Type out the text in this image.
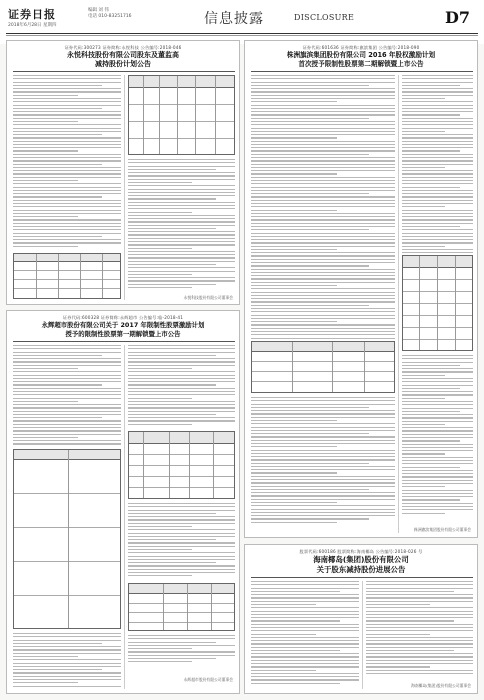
证券日报
2018年6月28日 星期四
编辑 刘 伟
电话 010-83251716	信息披露	DISCLOSURE	D7
证券代码:300273 证券简称:永悦科技 公告编号:2018-046
永悦科技股份有限公司股东及董监高
减持股份计划公告
永悦科技股份有限公司董事会
证券代码:601636 证券简称:旗滨集团 公告编号:2018-090
株洲旗滨集团股份有限公司 2016 年股权激励计划
首次授予限制性股票第二期解锁暨上市公告
株洲旗滨集团股份有限公司董事会
证券代码:600328 证券简称:永辉超市 公告编号:临-2018-41
永辉超市股份有限公司关于 2017 年限制性股票激励计划
授予的限制性股票第一期解锁暨上市公告
永辉超市股份有限公司董事会
股票代码:600186 股票简称:海南椰岛 公告编号:2018-026 号
海南椰岛(集团)股份有限公司
关于股东减持股份进展公告
海南椰岛(集团)股份有限公司董事会
